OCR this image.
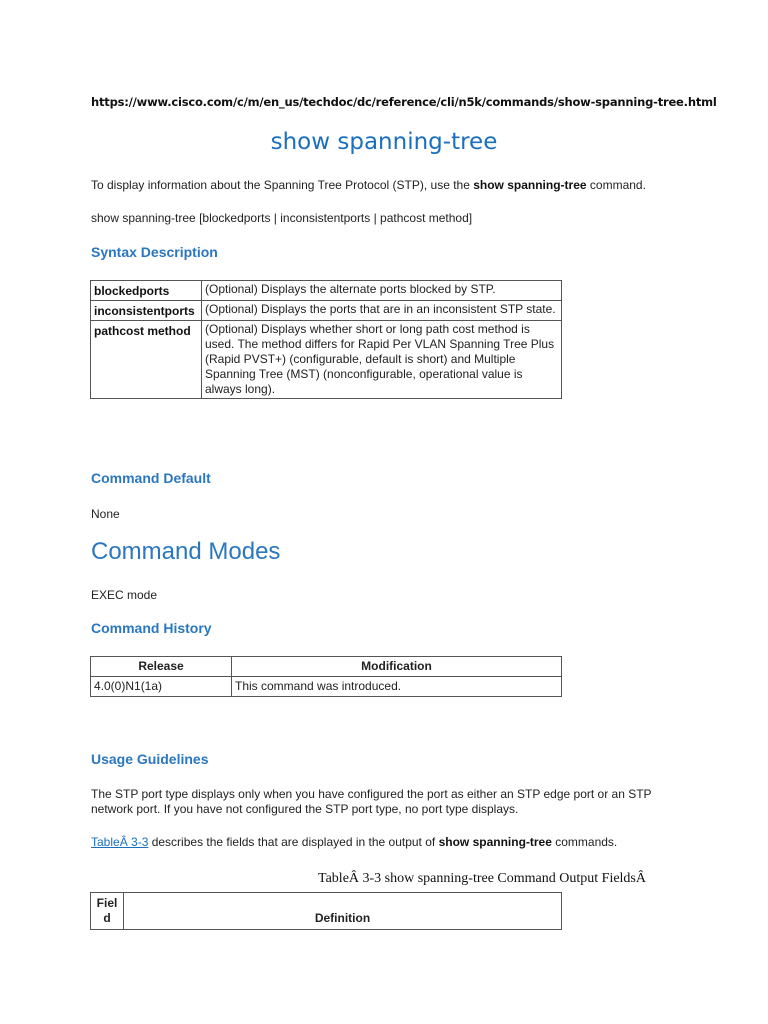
https://www.cisco.com/c/m/en_us/techdoc/dc/reference/cli/n5k/commands/show-spanning-tree.html
show spanning-tree
To display information about the Spanning Tree Protocol (STP), use the show spanning-tree command.
show spanning-tree [blockedports | inconsistentports | pathcost method]
Syntax Description
blockedports	(Optional) Displays the alternate ports blocked by STP.
inconsistentports	(Optional) Displays the ports that are in an inconsistent STP state.
pathcost method	(Optional) Displays whether short or long path cost method is used. The method differs for Rapid Per VLAN Spanning Tree Plus (Rapid PVST+) (configurable, default is short) and Multiple Spanning Tree (MST) (nonconfigurable, operational value is always long).
Command Default
None
Command Modes
EXEC mode
Command History
Release	Modification
4.0(0)N1(1a)	This command was introduced.
Usage Guidelines
The STP port type displays only when you have configured the port as either an STP edge port or an STP network port. If you have not configured the STP port type, no port type displays.
TableÂ 3-3 describes the fields that are displayed in the output of show spanning-tree commands.
TableÂ 3-3 show spanning-tree Command Output FieldsÂ
Fiel
d	Definition
